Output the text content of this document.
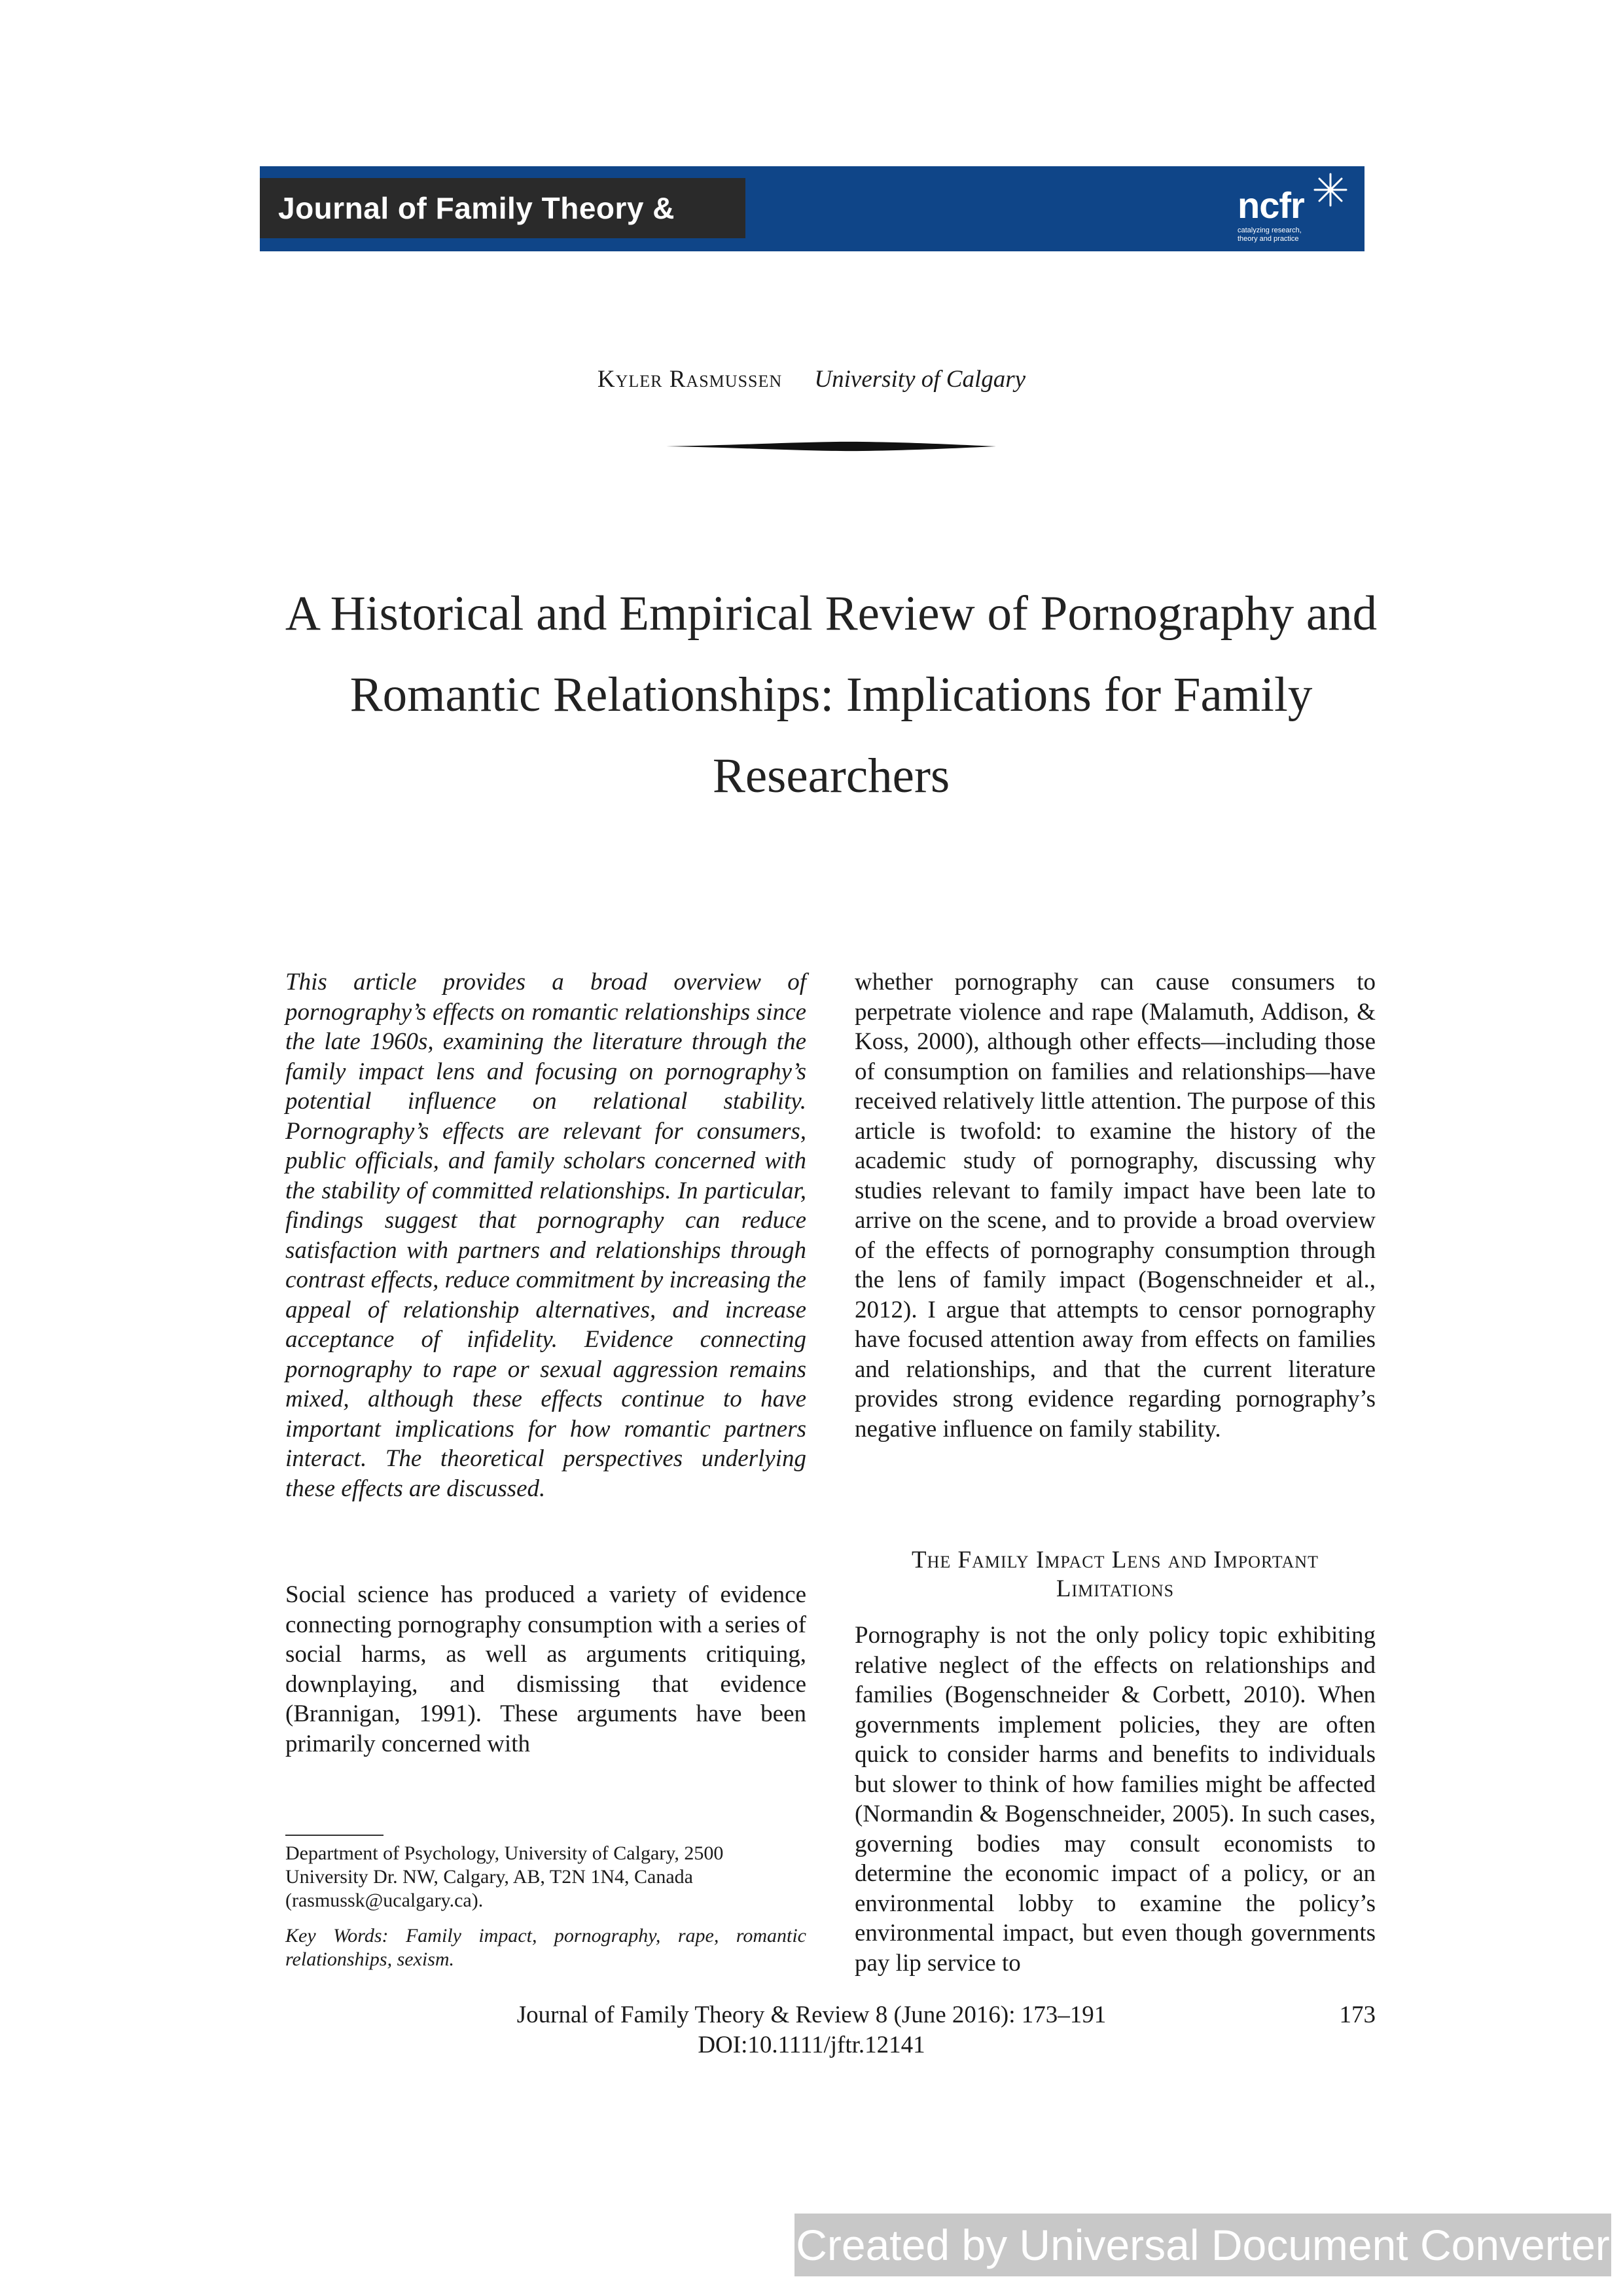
Journal of Family Theory & Review
ncfr
catalyzing research, theory and practice
Kyler Rasmussen University of Calgary
A Historical and Empirical Review of Pornography and Romantic Relationships: Implications for Family Researchers

This article provides a broad overview of pornography’s effects on romantic relationships since the late 1960s, examining the literature through the family impact lens and focusing on pornography’s potential influence on relational stability. Pornography’s effects are relevant for consumers, public officials, and family scholars concerned with the stability of committed relationships. In particular, findings suggest that pornography can reduce satisfaction with partners and relationships through contrast effects, reduce commitment by increasing the appeal of relationship alternatives, and increase acceptance of infidelity. Evidence connecting pornography to rape or sexual aggression remains mixed, although these effects continue to have important implications for how romantic partners interact. The theoretical perspectives underlying these effects are discussed.

Social science has produced a variety of evidence connecting pornography consumption with a series of social harms, as well as arguments critiquing, downplaying, and dismissing that evidence (Brannigan, 1991). These arguments have been primarily concerned with

whether pornography can cause consumers to perpetrate violence and rape (Malamuth, Addison, & Koss, 2000), although other effects—including those of consumption on families and relationships—have received relatively little attention. The purpose of this article is twofold: to examine the history of the academic study of pornography, discussing why studies relevant to family impact have been late to arrive on the scene, and to provide a broad overview of the effects of pornography consumption through the lens of family impact (Bogenschneider et al., 2012). I argue that attempts to censor pornography have focused attention away from effects on families and relationships, and that the current literature provides strong evidence regarding pornography’s negative influence on family stability.

The Family Impact Lens and Important Limitations

Pornography is not the only policy topic exhibiting relative neglect of the effects on relationships and families (Bogenschneider & Corbett, 2010). When governments implement policies, they are often quick to consider harms and benefits to individuals but slower to think of how families might be affected (Normandin & Bogenschneider, 2005). In such cases, governing bodies may consult economists to determine the economic impact of a policy, or an environmental lobby to examine the policy’s environmental impact, but even though governments pay lip service to

Department of Psychology, University of Calgary, 2500 University Dr. NW, Calgary, AB, T2N 1N4, Canada (rasmussk@ucalgary.ca).
Key Words: Family impact, pornography, rape, romantic relationships, sexism.
Journal of Family Theory & Review 8 (June 2016): 173–191
DOI:10.1111/jftr.12141
173
Created by Universal Document Converter
